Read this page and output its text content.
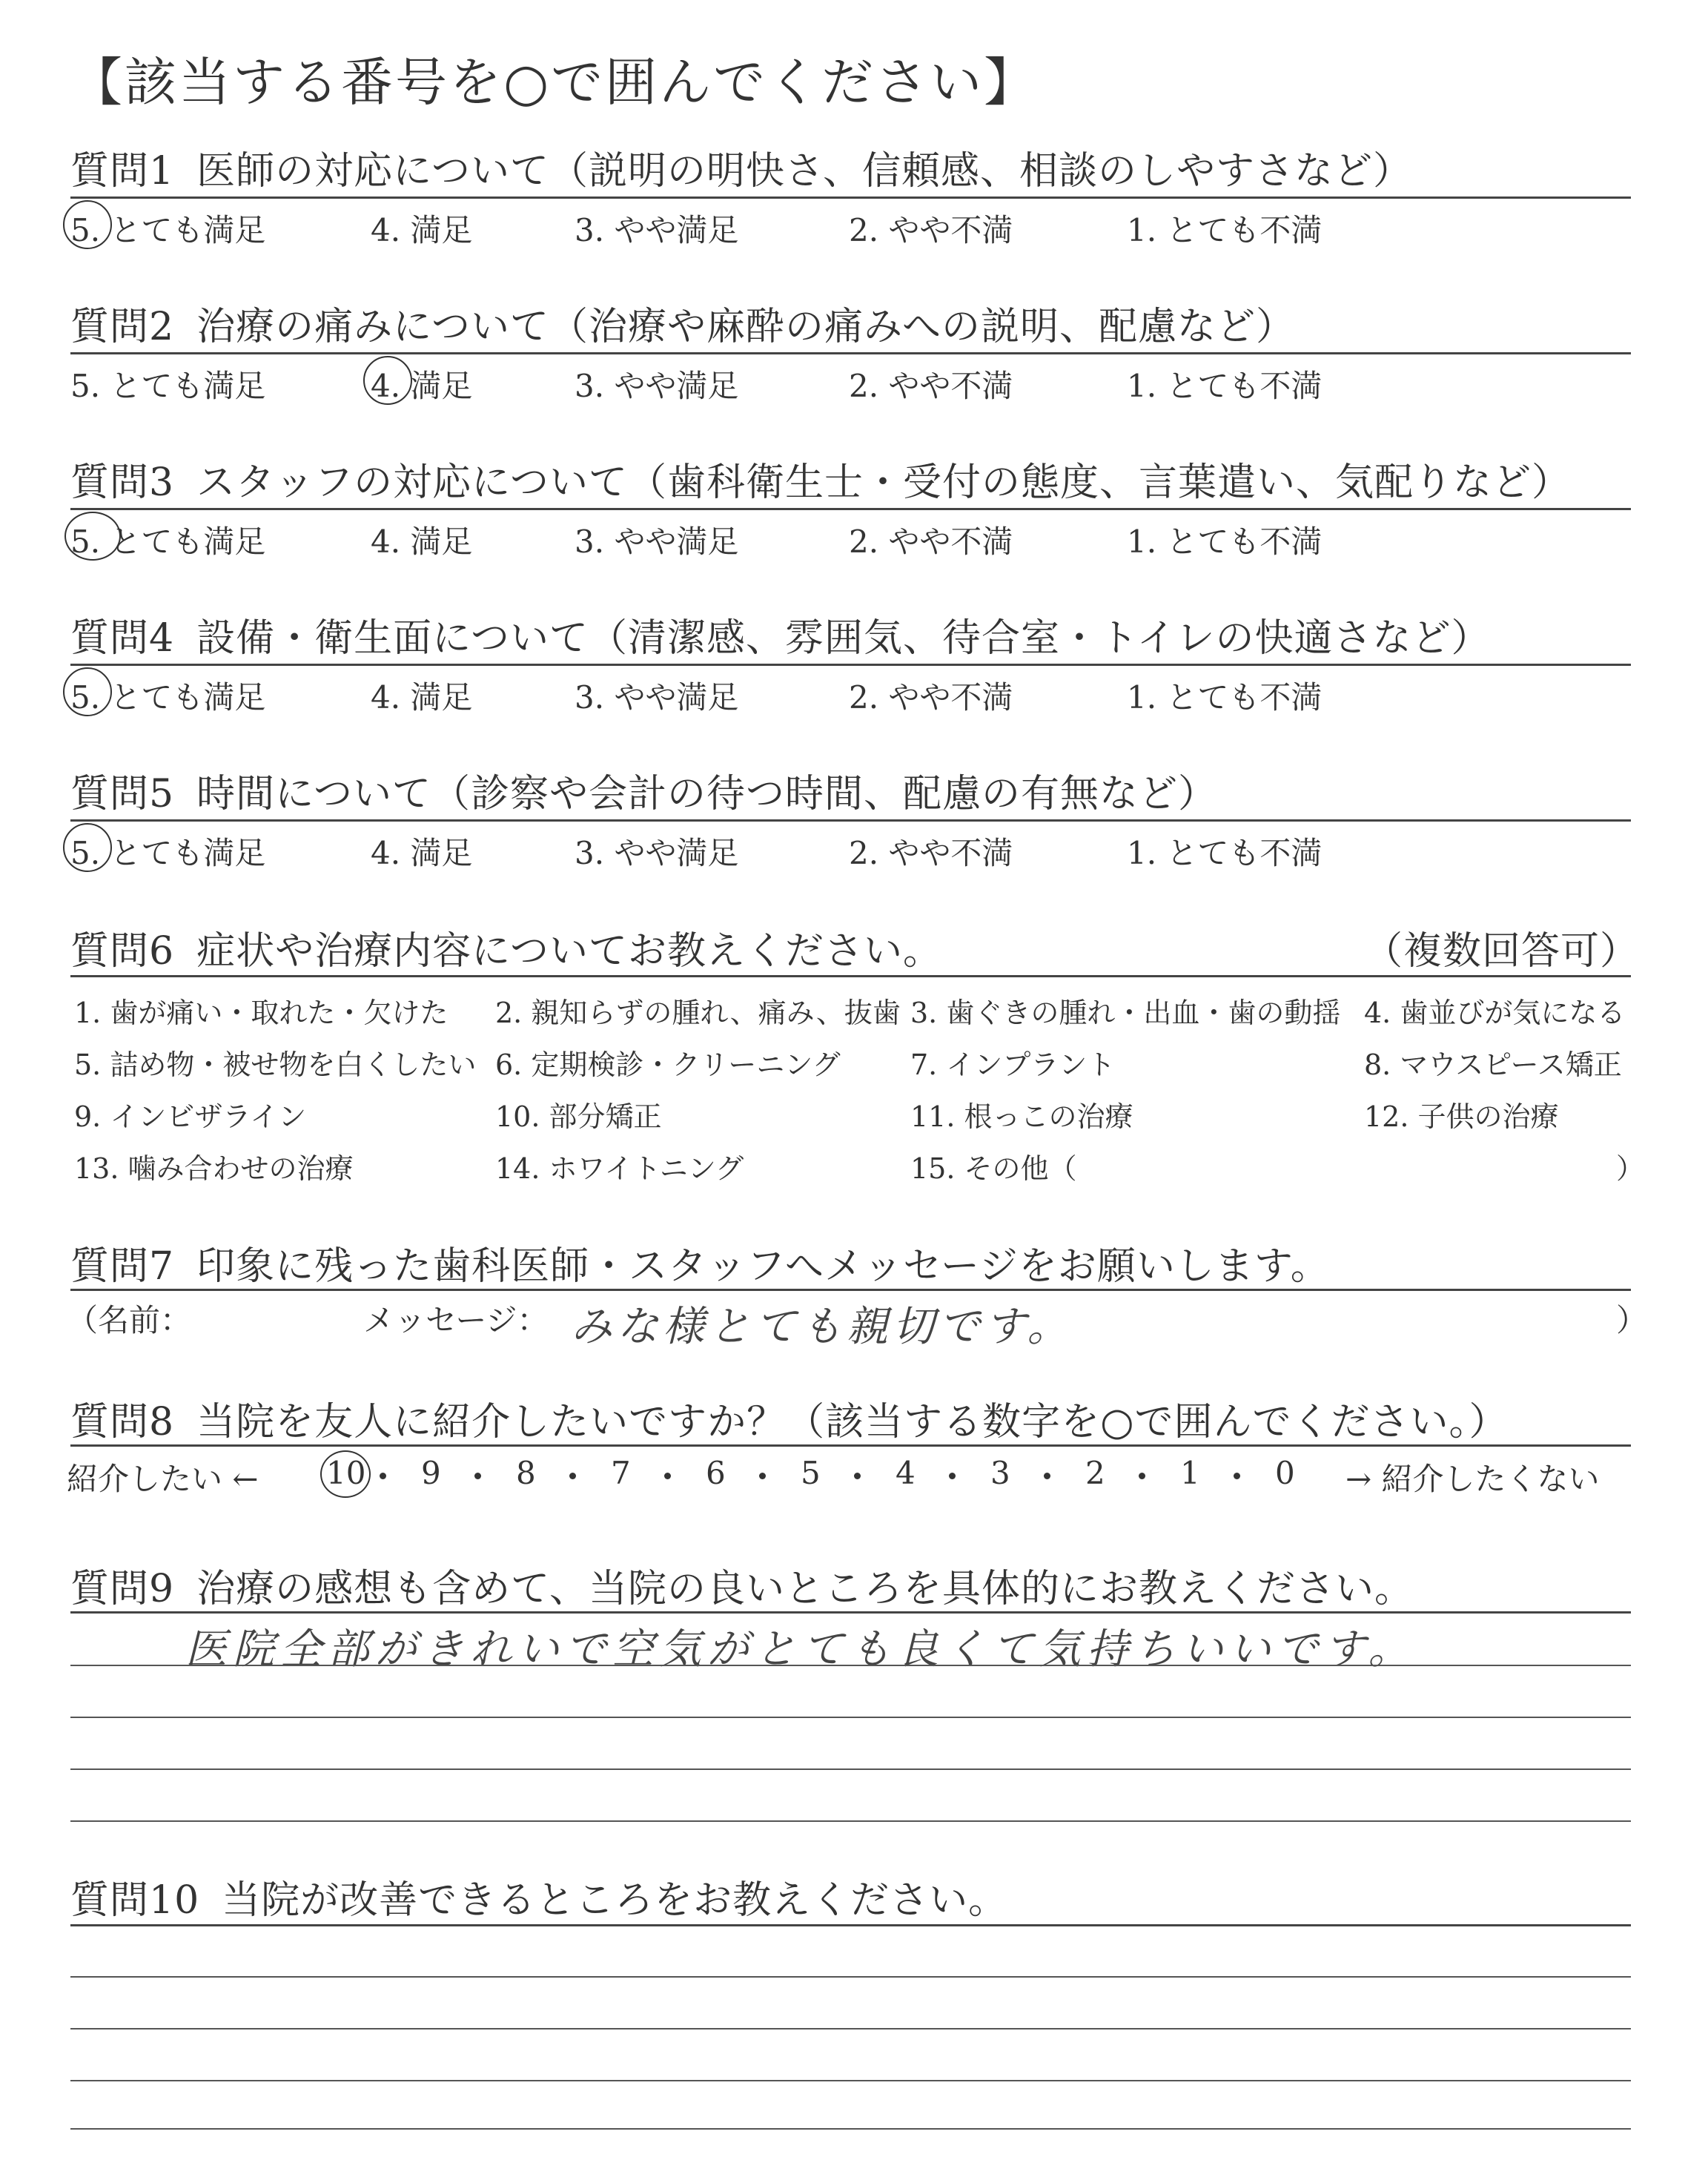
【該当する番号を○で囲んでください】
質問1 医師の対応について（説明の明快さ、信頼感、相談のしやすさなど）
5. とても満足	4. 満足	3. やや満足	2. やや不満	1. とても不満
質問2 治療の痛みについて（治療や麻酔の痛みへの説明、配慮など）
5. とても満足	4. 満足	3. やや満足	2. やや不満	1. とても不満
質問3 スタッフの対応について（歯科衛生士・受付の態度、言葉遣い、気配りなど）
5. とても満足	4. 満足	3. やや満足	2. やや不満	1. とても不満
質問4 設備・衛生面について（清潔感、雰囲気、待合室・トイレの快適さなど）
5. とても満足	4. 満足	3. やや満足	2. やや不満	1. とても不満
質問5 時間について（診察や会計の待つ時間、配慮の有無など）
5. とても満足	4. 満足	3. やや満足	2. やや不満	1. とても不満
質問6 症状や治療内容についてお教えください。	（複数回答可）
1. 歯が痛い・取れた・欠けた 2. 親知らずの腫れ、痛み、抜歯 3. 歯ぐきの腫れ・出血・歯の動揺 4. 歯並びが気になる
5. 詰め物・被せ物を白くしたい 6. 定期検診・クリーニング 7. インプラント	8. マウスピース矯正
9. インビザライン	10. 部分矯正	11. 根っこの治療	12. 子供の治療
13. 噛み合わせの治療	14. ホワイトニング	15. その他（	）
質問7 印象に残った歯科医師・スタッフへメッセージをお願いします。
（名前：	メッセージ： みな様とても親切です。	）
質問8 当院を友人に紹介したいですか？（該当する数字を○で囲んでください。）
紹介したい ←	→ 紹介したくない
10 9 8 7 6 5 4 3 2 1 0
質問9 治療の感想も含めて、当院の良いところを具体的にお教えください。
医院全部がきれいで空気がとても良くて気持ちいいです。
質問10 当院が改善できるところをお教えください。
